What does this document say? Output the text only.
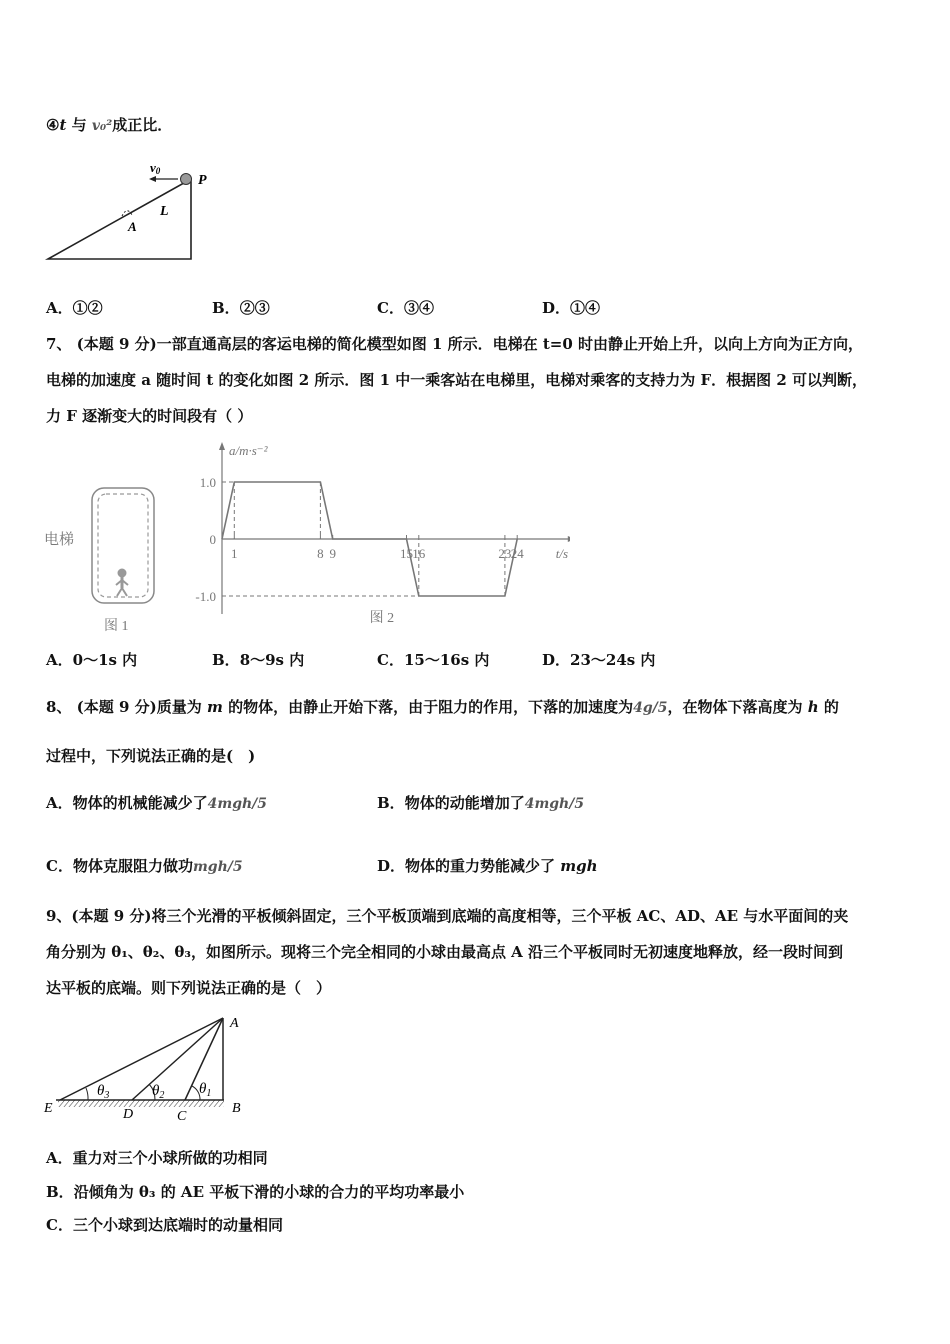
④t 与 v₀²成正比．
v0
P
L
A
A．①②	B．②③	C．③④	D．①④
7、 (本题 9 分)一部直通高层的客运电梯的简化模型如图 1 所示．电梯在 t=0 时由静止开始上升，以向上方向为正方向，
电梯的加速度 a 随时间 t 的变化如图 2 所示．图 1 中一乘客站在电梯里，电梯对乘客的支持力为 F．根据图 2 可以判断，
力 F 逐渐变大的时间段有（ ）
电梯
图 1
1	8 9	15 16	23 24
1.0
0
-1.0
a/m·s⁻²
t/s
图 2
A．0～1s 内	B．8～9s 内	C．15～16s 内	D．23～24s 内
8、 (本题 9 分)质量为 m 的物体，由静止开始下落，由于阻力的作用，下落的加速度为4g/5，在物体下落高度为 h 的
过程中，下列说法正确的是(　)
A．物体的机械能减少了4mgh/5	B．物体的动能增加了4mgh/5
C．物体克服阻力做功mgh/5	D．物体的重力势能减少了 mgh
9、(本题 9 分)将三个光滑的平板倾斜固定，三个平板顶端到底端的高度相等，三个平板 AC、AD、AE 与水平面间的夹
角分别为 θ₁、θ₂、θ₃，如图所示。现将三个完全相同的小球由最高点 A 沿三个平板同时无初速度地释放，经一段时间到
达平板的底端。则下列说法正确的是（　）
$\theta_3$	$\theta_2$ $\theta_1$
A
B
C
D
E
A．重力对三个小球所做的功相同
B．沿倾角为 θ₃ 的 AE 平板下滑的小球的合力的平均功率最小
C．三个小球到达底端时的动量相同
